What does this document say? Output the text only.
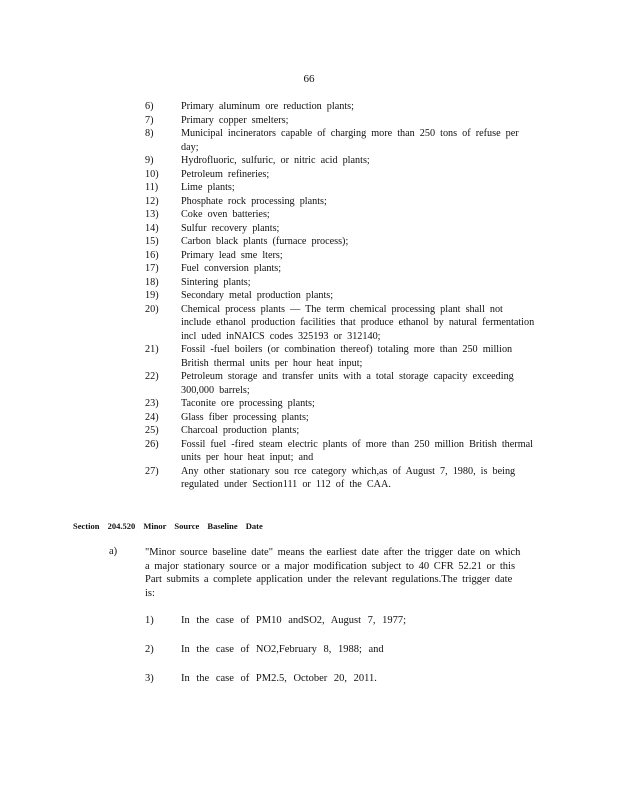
66
6)	Primary aluminum ore reduction plants;
7)	Primary copper smelters;
8)	Municipal incinerators capable of charging more than 250 tons of refuse per day;
9)	Hydrofluoric, sulfuric, or nitric acid plants;
10) Petroleum refineries;
11) Lime plants;
12) Phosphate rock processing plants;
13) Coke oven batteries;
14) Sulfur recovery plants;
15) Carbon black plants (furnace process);
16) Primary lead sme lters;
17) Fuel conversion plants;
18) Sintering plants;
19) Secondary metal production plants;
20) Chemical process plants — The term chemical processing plant shall not include ethanol production facilities that produce ethanol by natural fermentation incl uded inNAICS codes 325193 or 312140;
21) Fossil -fuel boilers (or combination thereof) totaling more than 250 million British thermal units per hour heat input;
22) Petroleum storage and transfer units with a total storage capacity exceeding 300,000 barrels;
23) Taconite ore processing plants;
24) Glass fiber processing plants;
25) Charcoal production plants;
26) Fossil fuel -fired steam electric plants of more than 250 million British thermal units per hour heat input; and
27) Any other stationary sou rce category which,as of August 7, 1980, is being regulated under Section111 or 112 of the CAA.
Section 204.520 Minor Source Baseline Date
a)	"Minor source baseline date" means the earliest date after the trigger date on which a major stationary source or a major modification subject to 40 CFR 52.21 or this Part submits a complete application under the relevant regulations.The trigger date is:
1)	In the case of PM10 andSO2, August 7, 1977;
2)	In the case of NO2,February 8, 1988; and
3)	In the case of PM2.5, October 20, 2011.
